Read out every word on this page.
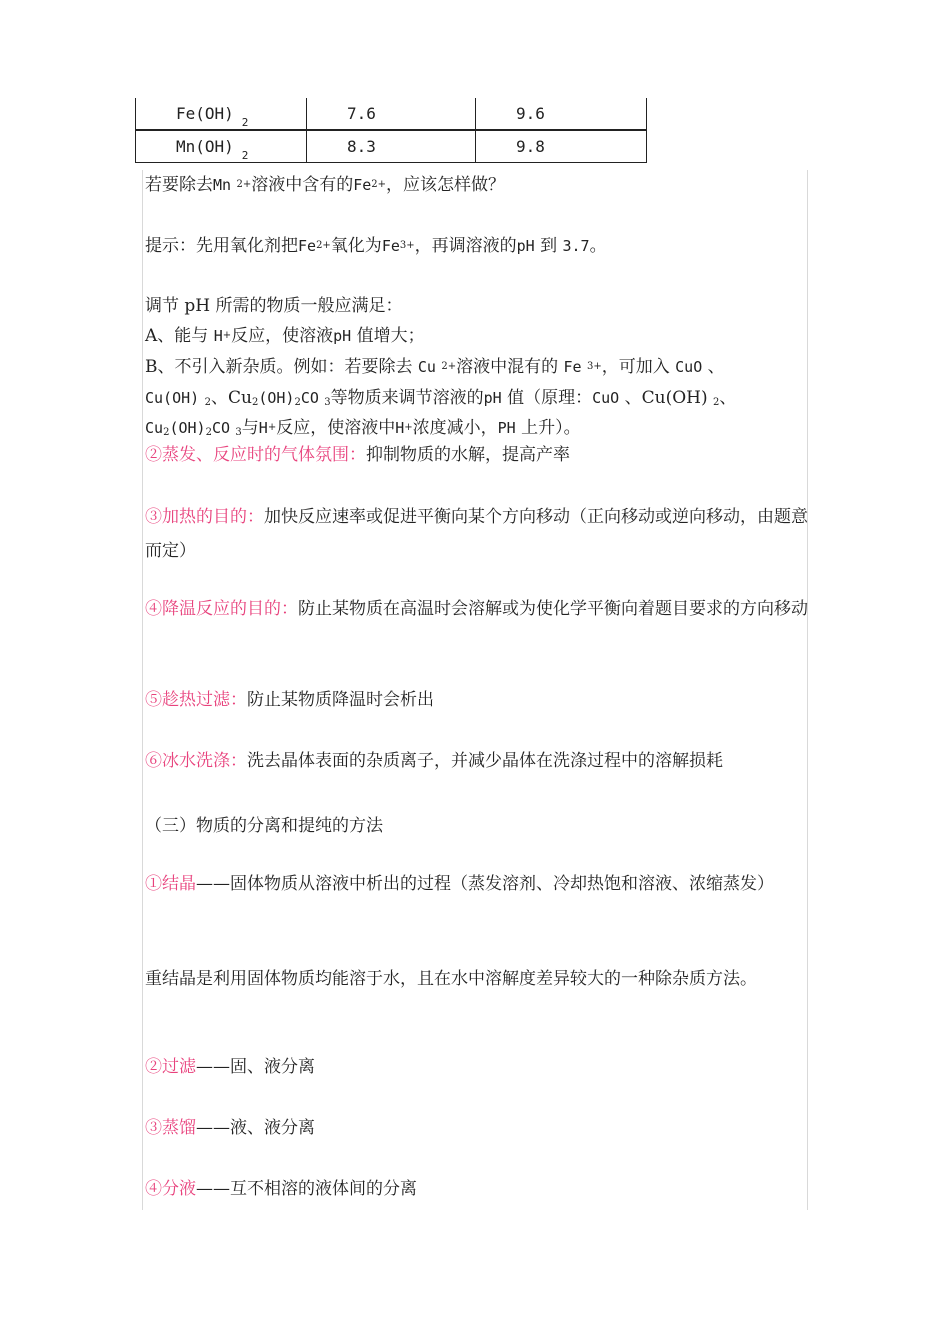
Fe(OH) $_2$	7.6	9.6
Mn(OH) $_2$	8.3	9.8
若要除去Mn $^{2+}$溶液中含有的$Fe^{2+}$，应该怎样做？
提示：先用氧化剂把$Fe^{2+}$氧化为$Fe^{3+}$，再调溶液的pH 到 3.7。
调节 pH 所需的物质一般应满足：
A、能与 H+反应，使溶液pH 值增大；
B、不引入新杂质。例如：若要除去 Cu $^{2+}$溶液中混有的 Fe $^{3+}$，可加入 CuO 、
Cu(OH) $_2$、$Cu_2(OH)_2CO$ $_3$等物质来调节溶液的pH 值（原理：CuO 、Cu(OH) $_2$、
$Cu_2(OH)_2CO$ $_3$与H+反应，使溶液中H+浓度减小，PH 上升）。
②蒸发、反应时的气体氛围：抑制物质的水解，提高产率
③加热的目的：加快反应速率或促进平衡向某个方向移动（正向移动或逆向移动，由题意而定）
④降温反应的目的：防止某物质在高温时会溶解或为使化学平衡向着题目要求的方向移动
⑤趁热过滤：防止某物质降温时会析出
⑥冰水洗涤：洗去晶体表面的杂质离子，并减少晶体在洗涤过程中的溶解损耗
（三）物质的分离和提纯的方法
①结晶——固体物质从溶液中析出的过程（蒸发溶剂、冷却热饱和溶液、浓缩蒸发）
重结晶是利用固体物质均能溶于水，且在水中溶解度差异较大的一种除杂质方法。
②过滤——固、液分离
③蒸馏——液、液分离
④分液——互不相溶的液体间的分离
